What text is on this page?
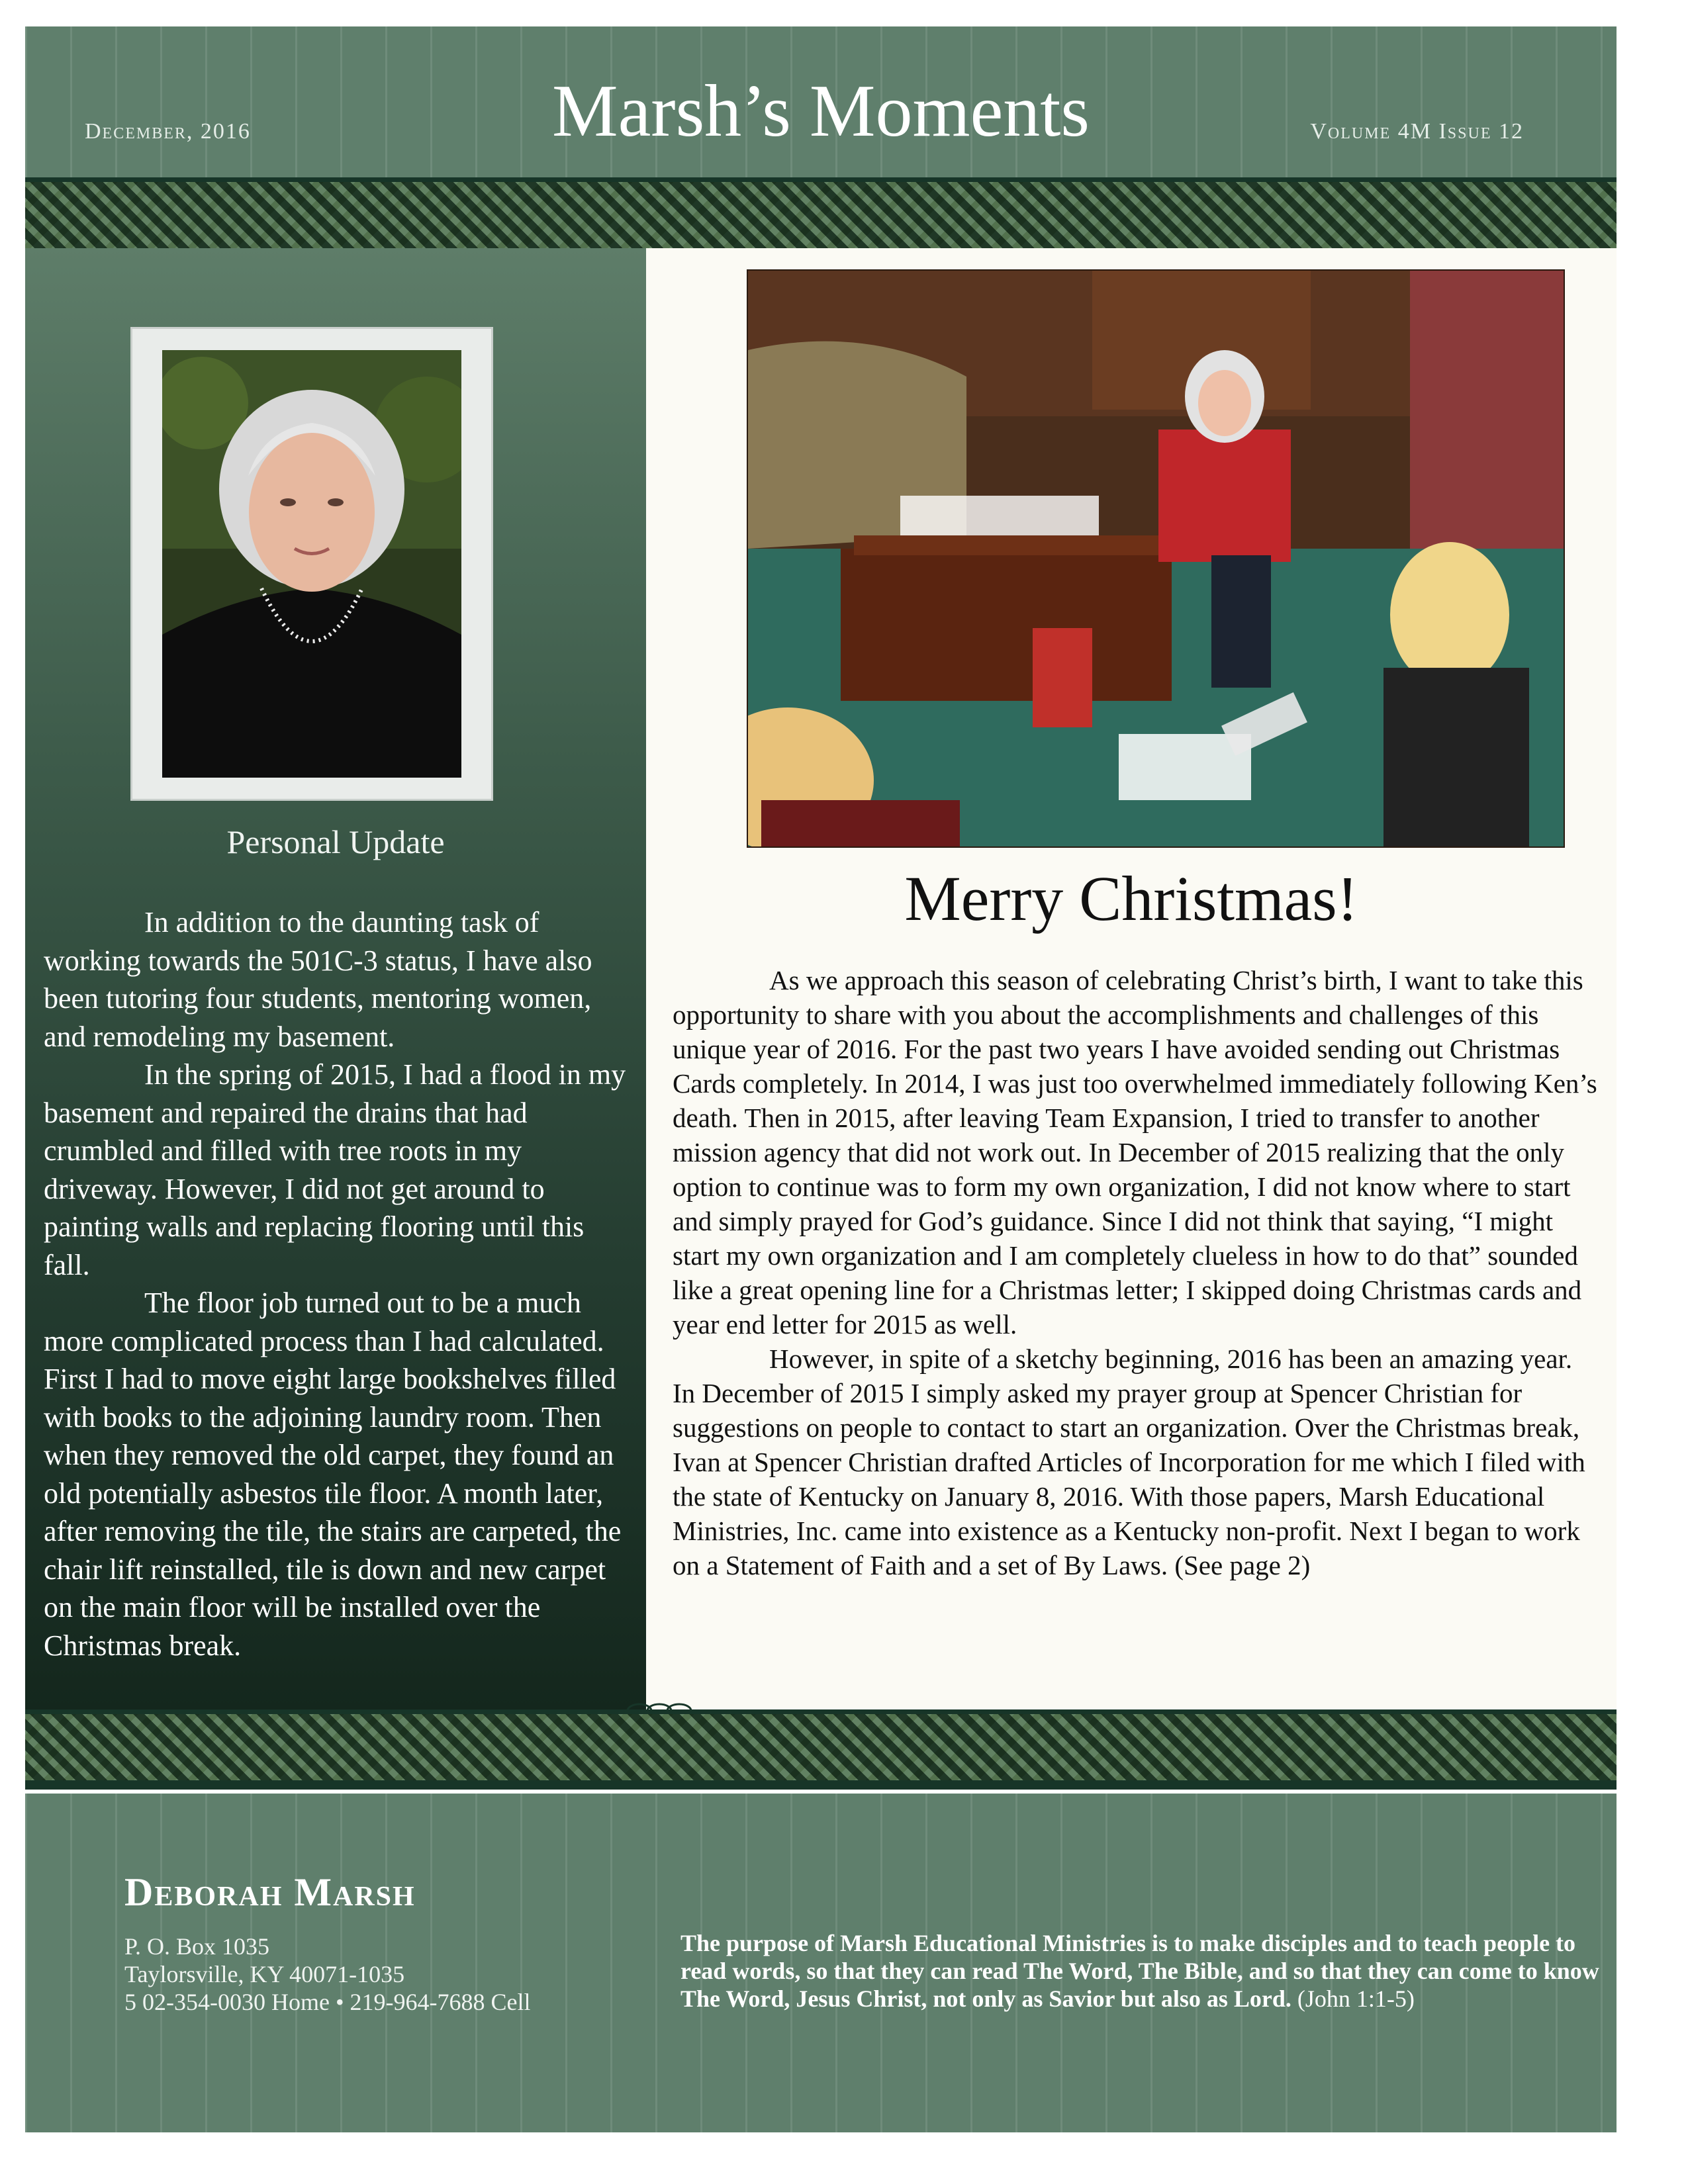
December, 2016	Marsh’s Moments	Volume 4M Issue 12
Personal Update

In addition to the daunting task of working towards the 501C-3 status, I have also been tutoring four students, mentoring women, and remodeling my basement.

In the spring of 2015, I had a flood in my basement and repaired the drains that had crumbled and filled with tree roots in my driveway. However, I did not get around to painting walls and replacing flooring until this fall.

The floor job turned out to be a much more complicated process than I had calculated. First I had to move eight large bookshelves filled with books to the adjoining laundry room. Then when they removed the old carpet, they found an old potentially asbestos tile floor. A month later, after removing the tile, the stairs are carpeted, the chair lift reinstalled, tile is down and new carpet on the main floor will be installed over the Christmas break.

Merry Christmas!

As we approach this season of celebrating Christ’s birth, I want to take this opportunity to share with you about the accomplishments and challenges of this unique year of 2016. For the past two years I have avoided sending out Christmas Cards completely. In 2014, I was just too overwhelmed immediately following Ken’s death. Then in 2015, after leaving Team Expansion, I tried to transfer to another mission agency that did not work out. In December of 2015 realizing that the only option to continue was to form my own organization, I did not know where to start and simply prayed for God’s guidance. Since I did not think that saying, “I might start my own organization and I am completely clueless in how to do that” sounded like a great opening line for a Christmas letter; I skipped doing Christmas cards and year end letter for 2015 as well.

However, in spite of a sketchy beginning, 2016 has been an amazing year. In December of 2015 I simply asked my prayer group at Spencer Christian for suggestions on people to contact to start an organization. Over the Christmas break, Ivan at Spencer Christian drafted Articles of Incorporation for me which I filed with the state of Kentucky on January 8, 2016. With those papers, Marsh Educational Ministries, Inc. came into existence as a Kentucky non-profit. Next I began to work on a Statement of Faith and a set of By Laws. (See page 2)

Deborah Marsh
P. O. Box 1035
Taylorsville, KY 40071-1035
5 02-354-0030 Home • 219-964-7688 Cell
The purpose of Marsh Educational Ministries is to make disciples and to teach people to read words, so that they can read The Word, The Bible, and so that they can come to know The Word, Jesus Christ, not only as Savior but also as Lord. (John 1:1-5)
